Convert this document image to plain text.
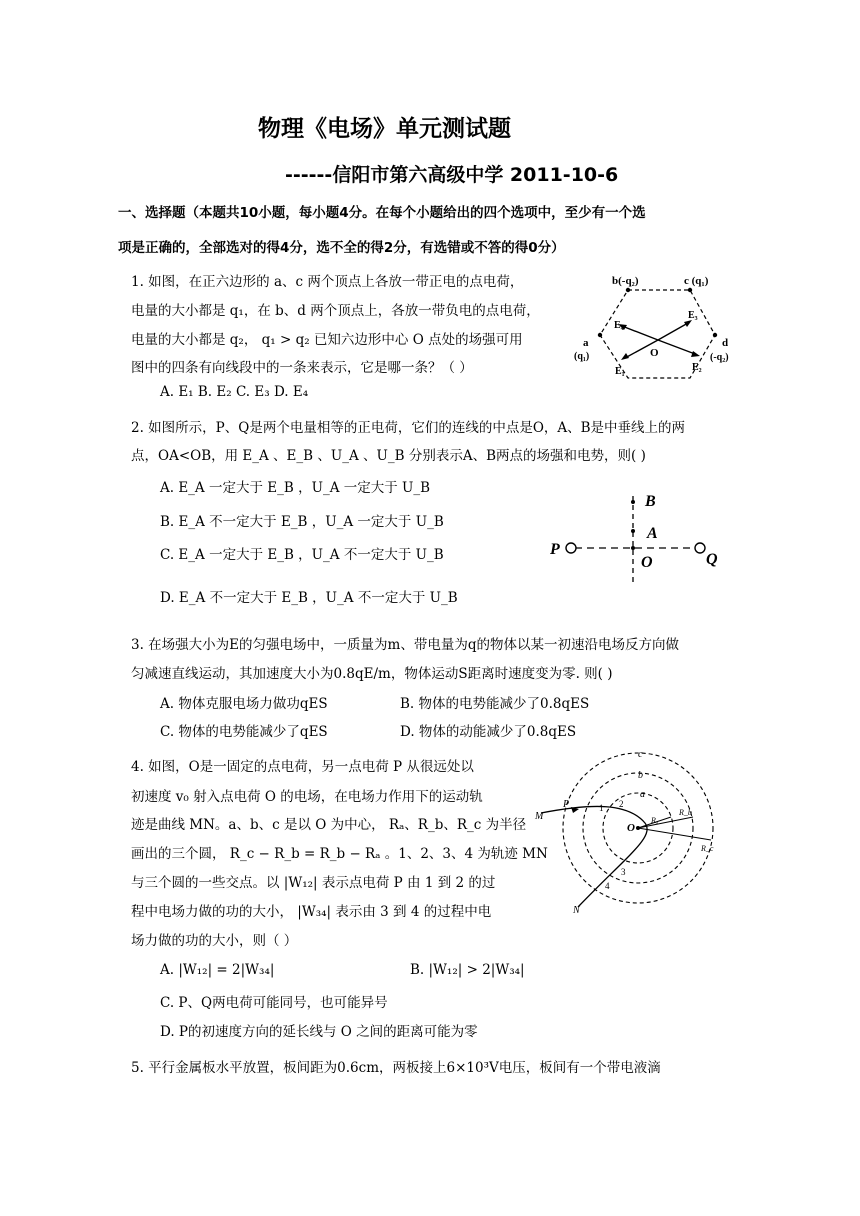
物理《电场》单元测试题
------信阳市第六高级中学 2011-10-6
一、选择题（本题共10小题，每小题4分。在每个小题给出的四个选项中，至少有一个选
项是正确的，全部选对的得4分，选不全的得2分，有选错或不答的得0分）
1. 如图，在正六边形的 a、c 两个顶点上各放一带正电的点电荷，
电量的大小都是 q₁，在 b、d 两个顶点上，各放一带负电的点电荷，
电量的大小都是 q₂， q₁ > q₂ 已知六边形中心 O 点处的场强可用
图中的四条有向线段中的一条来表示，它是哪一条？（ ）
A. E₁ B. E₂ C. E₃ D. E₄
b(-q₂)	c (q₁)
a
(q₁)
d
(-q₂)
O
E₄
E₁	E₂
E₃
2. 如图所示，P、Q是两个电量相等的正电荷，它们的连线的中点是O，A、B是中垂线上的两
点，OA<OB，用 E_A 、E_B 、U_A 、U_B 分别表示A、B两点的场强和电势，则( )
A. E_A 一定大于 E_B ，U_A 一定大于 U_B
B. E_A 不一定大于 E_B ，U_A 一定大于 U_B
C. E_A 一定大于 E_B ，U_A 不一定大于 U_B
D. E_A 不一定大于 E_B ，U_A 不一定大于 U_B
P
Q
B
A
O
3. 在场强大小为E的匀强电场中，一质量为m、带电量为q的物体以某一初速沿电场反方向做
匀减速直线运动，其加速度大小为0.8qE/m，物体运动S距离时速度变为零. 则( )
A. 物体克服电场力做功qES	B. 物体的电势能减少了0.8qES
C. 物体的电势能减少了qES	D. 物体的动能减少了0.8qES
4. 如图，O是一固定的点电荷，另一点电荷 P 从很远处以
初速度 v₀ 射入点电荷 O 的电场，在电场力作用下的运动轨
迹是曲线 MN。a、b、c 是以 O 为中心， Rₐ、R_b、R_c 为半径
画出的三个圆， R_c − R_b = R_b − Rₐ 。1、2、3、4 为轨迹 MN
与三个圆的一些交点。以 |W₁₂| 表示点电荷 P 由 1 到 2 的过
程中电场力做的功的大小， |W₃₄| 表示由 3 到 4 的过程中电
场力做的功的大小，则（ ）
A. |W₁₂| = 2|W₃₄|	B. |W₁₂| > 2|W₃₄|
C. P、Q两电荷可能同号，也可能异号
D. P的初速度方向的延长线与 O 之间的距离可能为零
c
b
a
P
M
N
O
1 2
3
4
Rₐ
R_b
R_c
5. 平行金属板水平放置，板间距为0.6cm，两板接上6×10³V电压，板间有一个带电液滴
